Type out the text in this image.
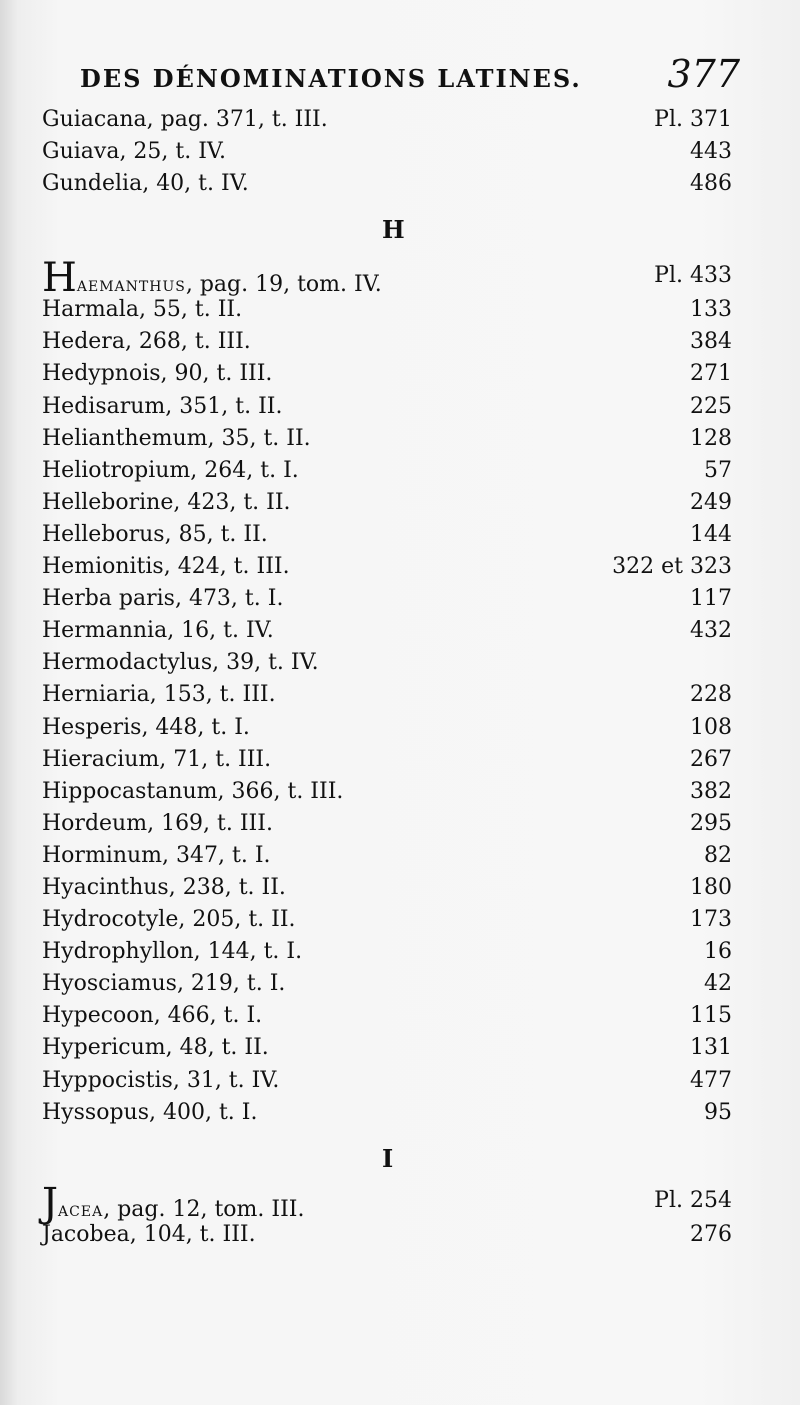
DES DÉNOMINATIONS LATINES. 377
Guiacana, pag. 371, t. III.	Pl. 371
Guiava, 25, t. IV.	443
Gundelia, 40, t. IV.	486
H
HAEMANTHUS, pag. 19, tom. IV.	Pl. 433
Harmala, 55, t. II.	133
Hedera, 268, t. III.	384
Hedypnois, 90, t. III.	271
Hedisarum, 351, t. II.	225
Helianthemum, 35, t. II.	128
Heliotropium, 264, t. I.	57
Helleborine, 423, t. II.	249
Helleborus, 85, t. II.	144
Hemionitis, 424, t. III.	322 et 323
Herba paris, 473, t. I.	117
Hermannia, 16, t. IV.	432
Hermodactylus, 39, t. IV.
Herniaria, 153, t. III.	228
Hesperis, 448, t. I.	108
Hieracium, 71, t. III.	267
Hippocastanum, 366, t. III.	382
Hordeum, 169, t. III.	295
Horminum, 347, t. I.	82
Hyacinthus, 238, t. II.	180
Hydrocotyle, 205, t. II.	173
Hydrophyllon, 144, t. I.	16
Hyosciamus, 219, t. I.	42
Hypecoon, 466, t. I.	115
Hypericum, 48, t. II.	131
Hyppocistis, 31, t. IV.	477
Hyssopus, 400, t. I.	95
I
JACEA, pag. 12, tom. III.	Pl. 254
Jacobea, 104, t. III.	276
